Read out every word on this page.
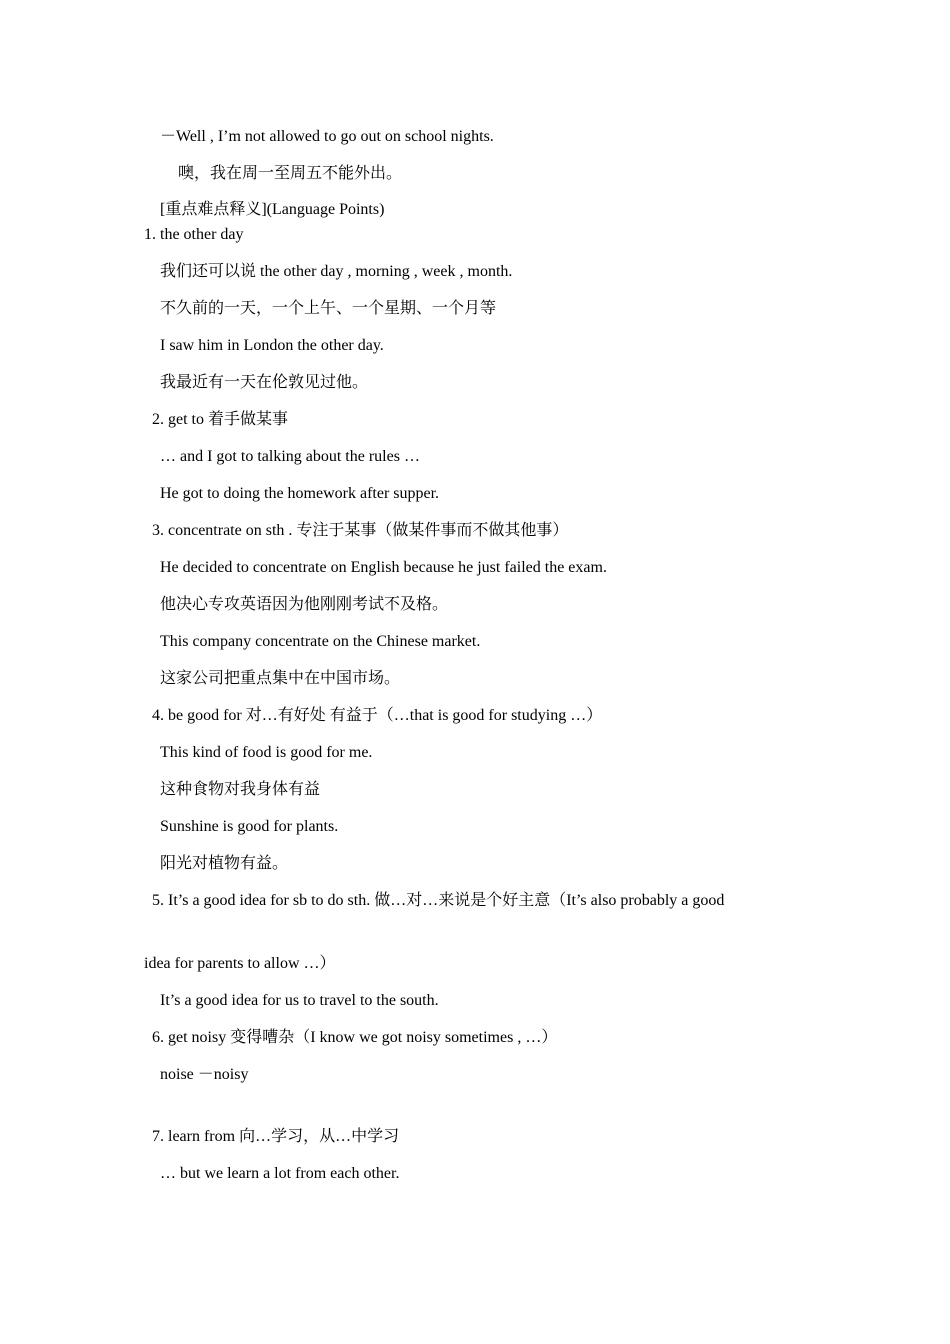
－Well , I’m not allowed to go out on school nights.
噢，我在周一至周五不能外出。
[重点难点释义](Language Points)
1. the other day
我们还可以说 the other day , morning , week , month.
不久前的一天，一个上午、一个星期、一个月等
I saw him in London the other day.
我最近有一天在伦敦见过他。
2. get to 着手做某事
… and I got to talking about the rules …
He got to doing the homework after supper.
3. concentrate on sth . 专注于某事（做某件事而不做其他事）
He decided to concentrate on English because he just failed the exam.
他决心专攻英语因为他刚刚考试不及格。
This company concentrate on the Chinese market.
这家公司把重点集中在中国市场。
4. be good for 对…有好处 有益于（…that is good for studying …）
This kind of food is good for me.
这种食物对我身体有益
Sunshine is good for plants.
阳光对植物有益。
5. It’s a good idea for sb to do sth. 做…对…来说是个好主意（It’s also probably a good
idea for parents to allow …）
It’s a good idea for us to travel to the south.
6. get noisy 变得嘈杂（I know we got noisy sometimes , …）
noise －noisy
7. learn from 向…学习，从…中学习
… but we learn a lot from each other.
